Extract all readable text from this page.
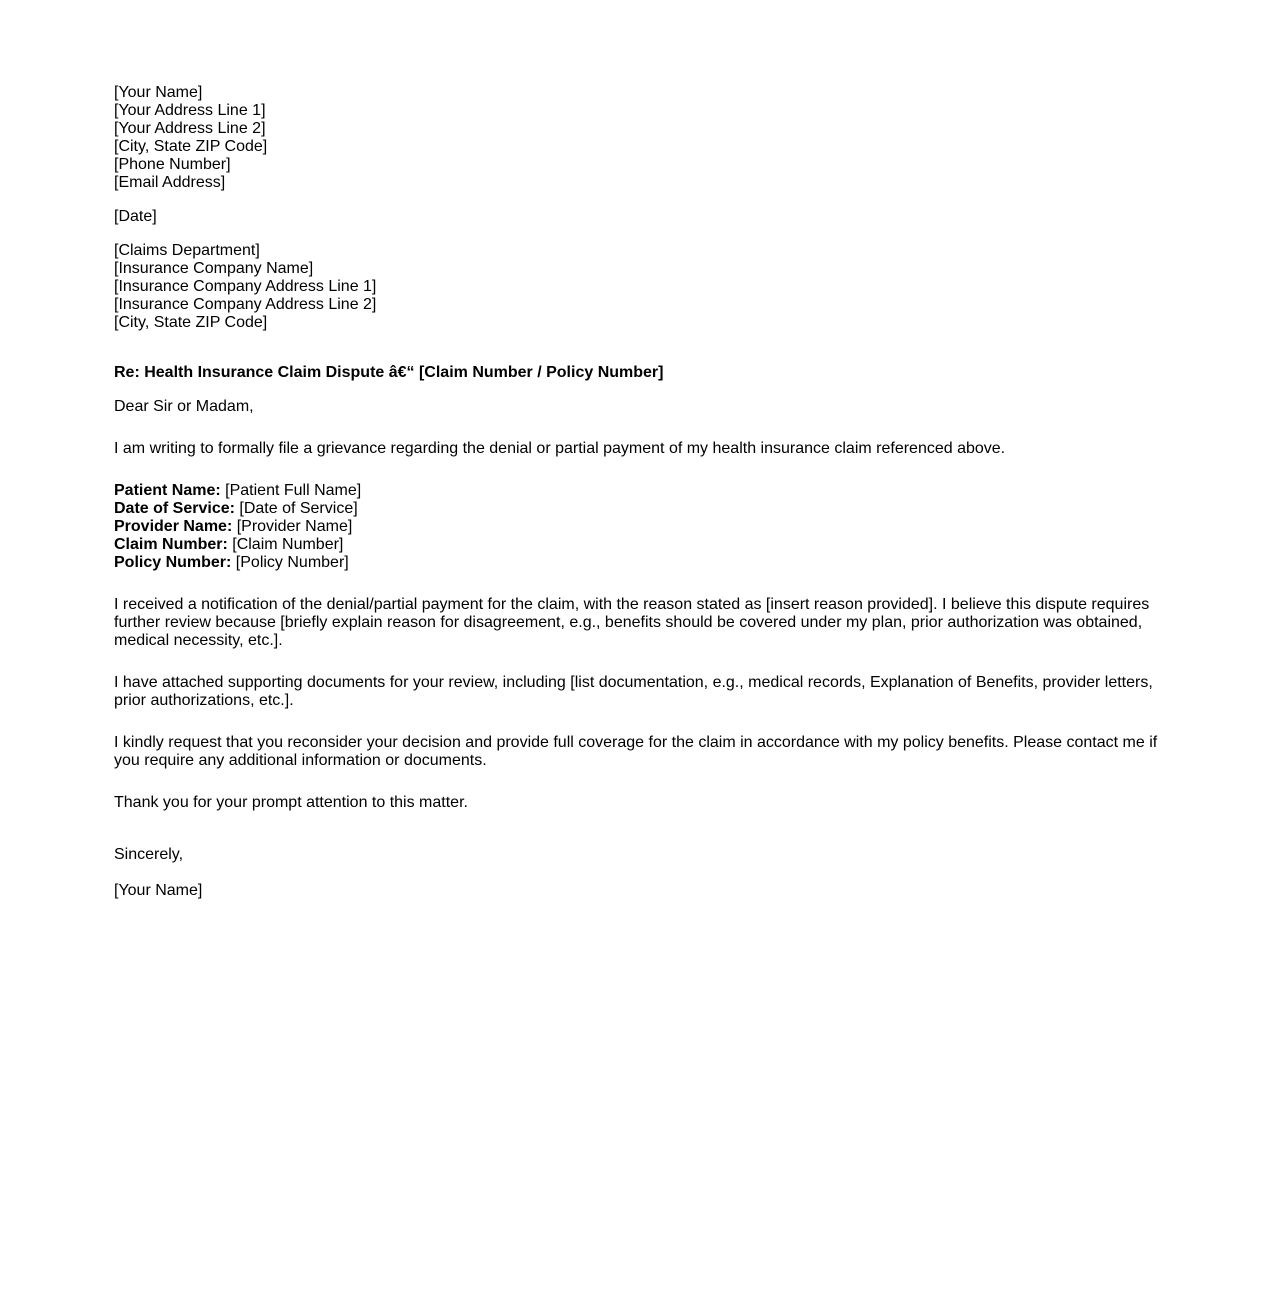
[Your Name]
[Your Address Line 1]
[Your Address Line 2]
[City, State ZIP Code]
[Phone Number]
[Email Address]
[Date]
[Claims Department]
[Insurance Company Name]
[Insurance Company Address Line 1]
[Insurance Company Address Line 2]
[City, State ZIP Code]
Re: Health Insurance Claim Dispute â€“ [Claim Number / Policy Number]

Dear Sir or Madam,

I am writing to formally file a grievance regarding the denial or partial payment of my health insurance claim referenced above.

Patient Name: [Patient Full Name]
Date of Service: [Date of Service]
Provider Name: [Provider Name]
Claim Number: [Claim Number]
Policy Number: [Policy Number]

I received a notification of the denial/partial payment for the claim, with the reason stated as [insert reason provided]. I believe this dispute requires further review because [briefly explain reason for disagreement, e.g., benefits should be covered under my plan, prior authorization was obtained, medical necessity, etc.].

I have attached supporting documents for your review, including [list documentation, e.g., medical records, Explanation of Benefits, provider letters, prior authorizations, etc.].

I kindly request that you reconsider your decision and provide full coverage for the claim in accordance with my policy benefits. Please contact me if you require any additional information or documents.

Thank you for your prompt attention to this matter.

Sincerely,
[Your Name]
